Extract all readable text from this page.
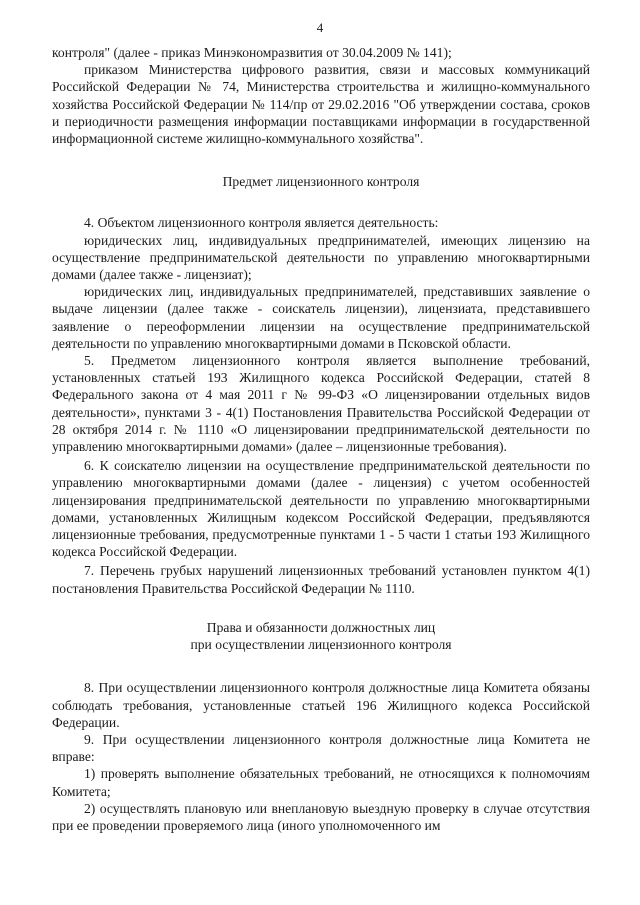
4

контроля" (далее - приказ Минэкономразвития от 30.04.2009 № 141);

приказом Министерства цифрового развития, связи и массовых коммуникаций Российской Федерации № 74, Министерства строительства и жилищно-коммунального хозяйства Российской Федерации № 114/пр от 29.02.2016 "Об утверждении состава, сроков и периодичности размещения информации поставщиками информации в государственной информационной системе жилищно-коммунального хозяйства".

Предмет лицензионного контроля

4. Объектом лицензионного контроля является деятельность:

юридических лиц, индивидуальных предпринимателей, имеющих лицензию на осуществление предпринимательской деятельности по управлению многоквартирными домами (далее также - лицензиат);

юридических лиц, индивидуальных предпринимателей, представивших заявление о выдаче лицензии (далее также - соискатель лицензии), лицензиата, представившего заявление о переоформлении лицензии на осуществление предпринимательской деятельности по управлению многоквартирными домами в Псковской области.

5. Предметом лицензионного контроля является выполнение требований, установленных статьей 193 Жилищного кодекса Российской Федерации, статей 8 Федерального закона от 4 мая 2011 г № 99-ФЗ «О лицензировании отдельных видов деятельности», пунктами 3 - 4(1) Постановления Правительства Российской Федерации от 28 октября 2014 г. № 1110 «О лицензировании предпринимательской деятельности по управлению многоквартирными домами» (далее – лицензионные требования).

6. К соискателю лицензии на осуществление предпринимательской деятельности по управлению многоквартирными домами (далее - лицензия) с учетом особенностей лицензирования предпринимательской деятельности по управлению многоквартирными домами, установленных Жилищным кодексом Российской Федерации, предъявляются лицензионные требования, предусмотренные пунктами 1 - 5 части 1 статьи 193 Жилищного кодекса Российской Федерации.

7. Перечень грубых нарушений лицензионных требований установлен пунктом 4(1) постановления Правительства Российской Федерации № 1110.

Права и обязанности должностных лиц

при осуществлении лицензионного контроля

8. При осуществлении лицензионного контроля должностные лица Комитета обязаны соблюдать требования, установленные статьей 196 Жилищного кодекса Российской Федерации.

9. При осуществлении лицензионного контроля должностные лица Комитета не вправе:

1) проверять выполнение обязательных требований, не относящихся к полномочиям Комитета;

2) осуществлять плановую или внеплановую выездную проверку в случае отсутствия при ее проведении проверяемого лица (иного уполномоченного им
